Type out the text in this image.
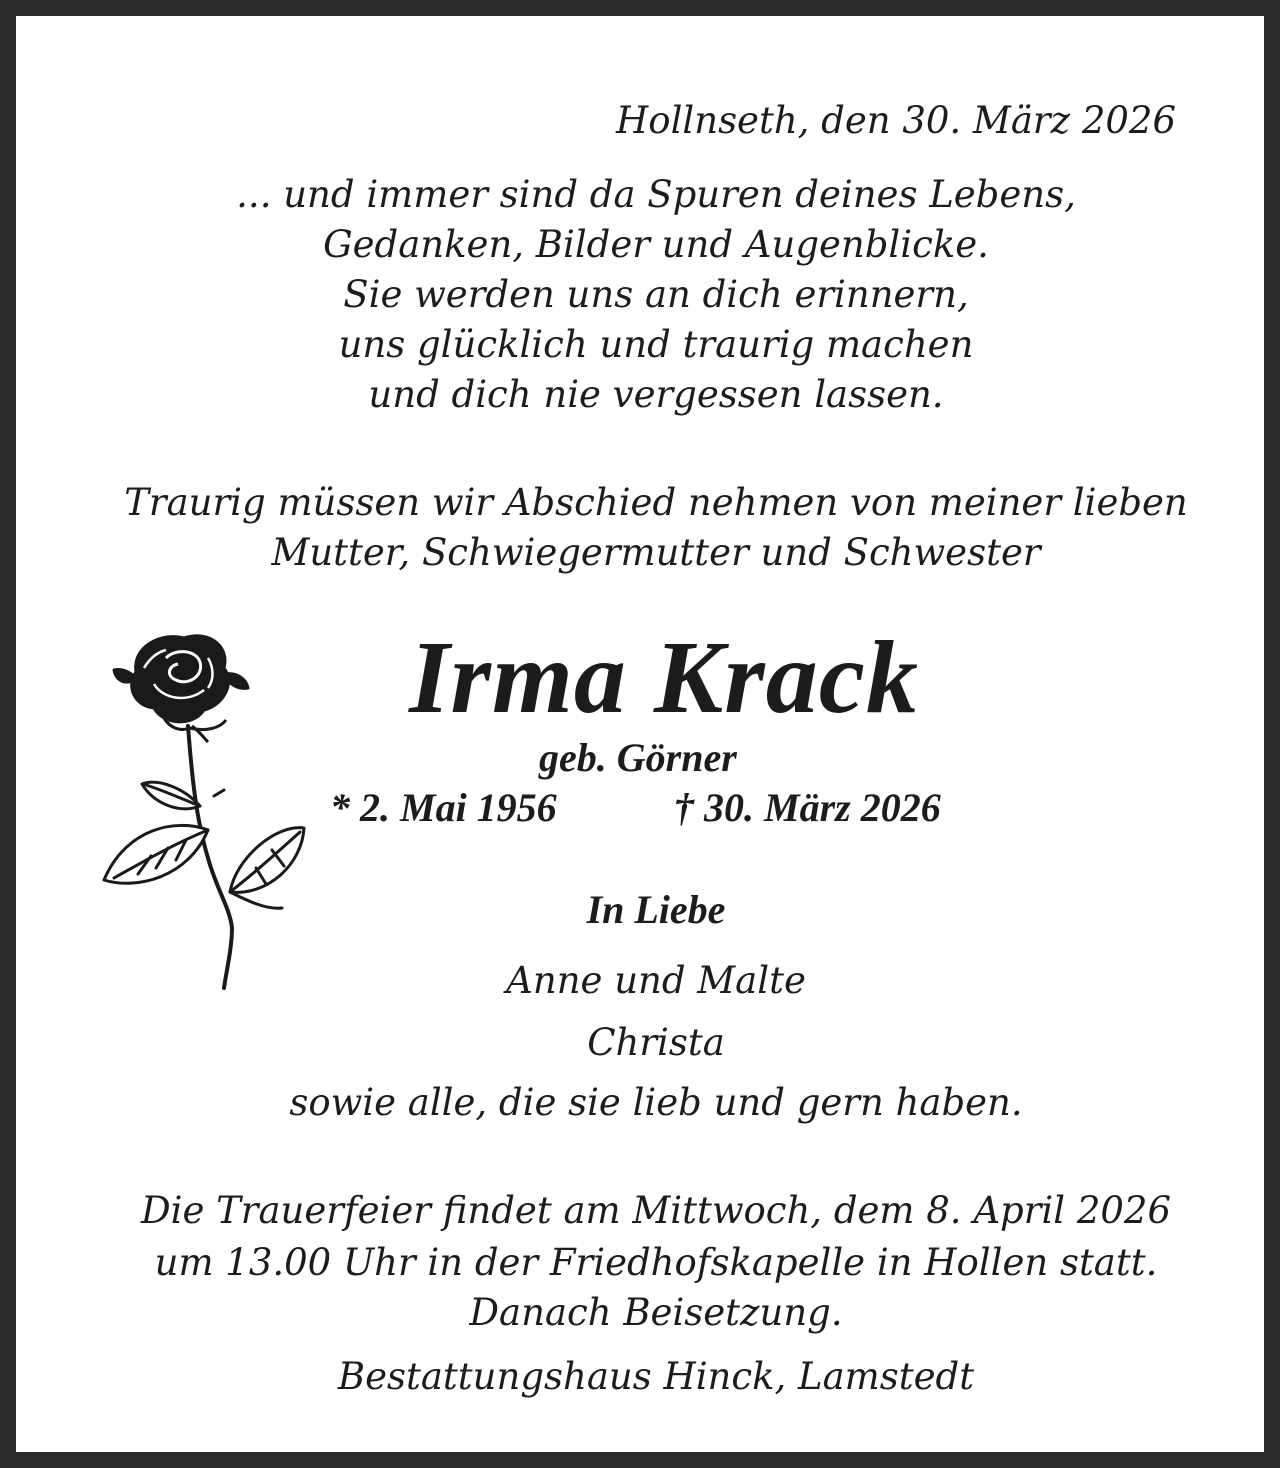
Hollnseth, den 30. März 2026
... und immer sind da Spuren deines Lebens,
Gedanken, Bilder und Augenblicke.
Sie werden uns an dich erinnern,
uns glücklich und traurig machen
und dich nie vergessen lassen.
Traurig müssen wir Abschied nehmen von meiner lieben
Mutter, Schwiegermutter und Schwester
Irma Krack
geb. Görner
* 2. Mai 1956	† 30. März 2026
In Liebe
Anne und Malte
Christa
sowie alle, die sie lieb und gern haben.
Die Trauerfeier findet am Mittwoch, dem 8. April 2026
um 13.00 Uhr in der Friedhofskapelle in Hollen statt.
Danach Beisetzung.
Bestattungshaus Hinck, Lamstedt
